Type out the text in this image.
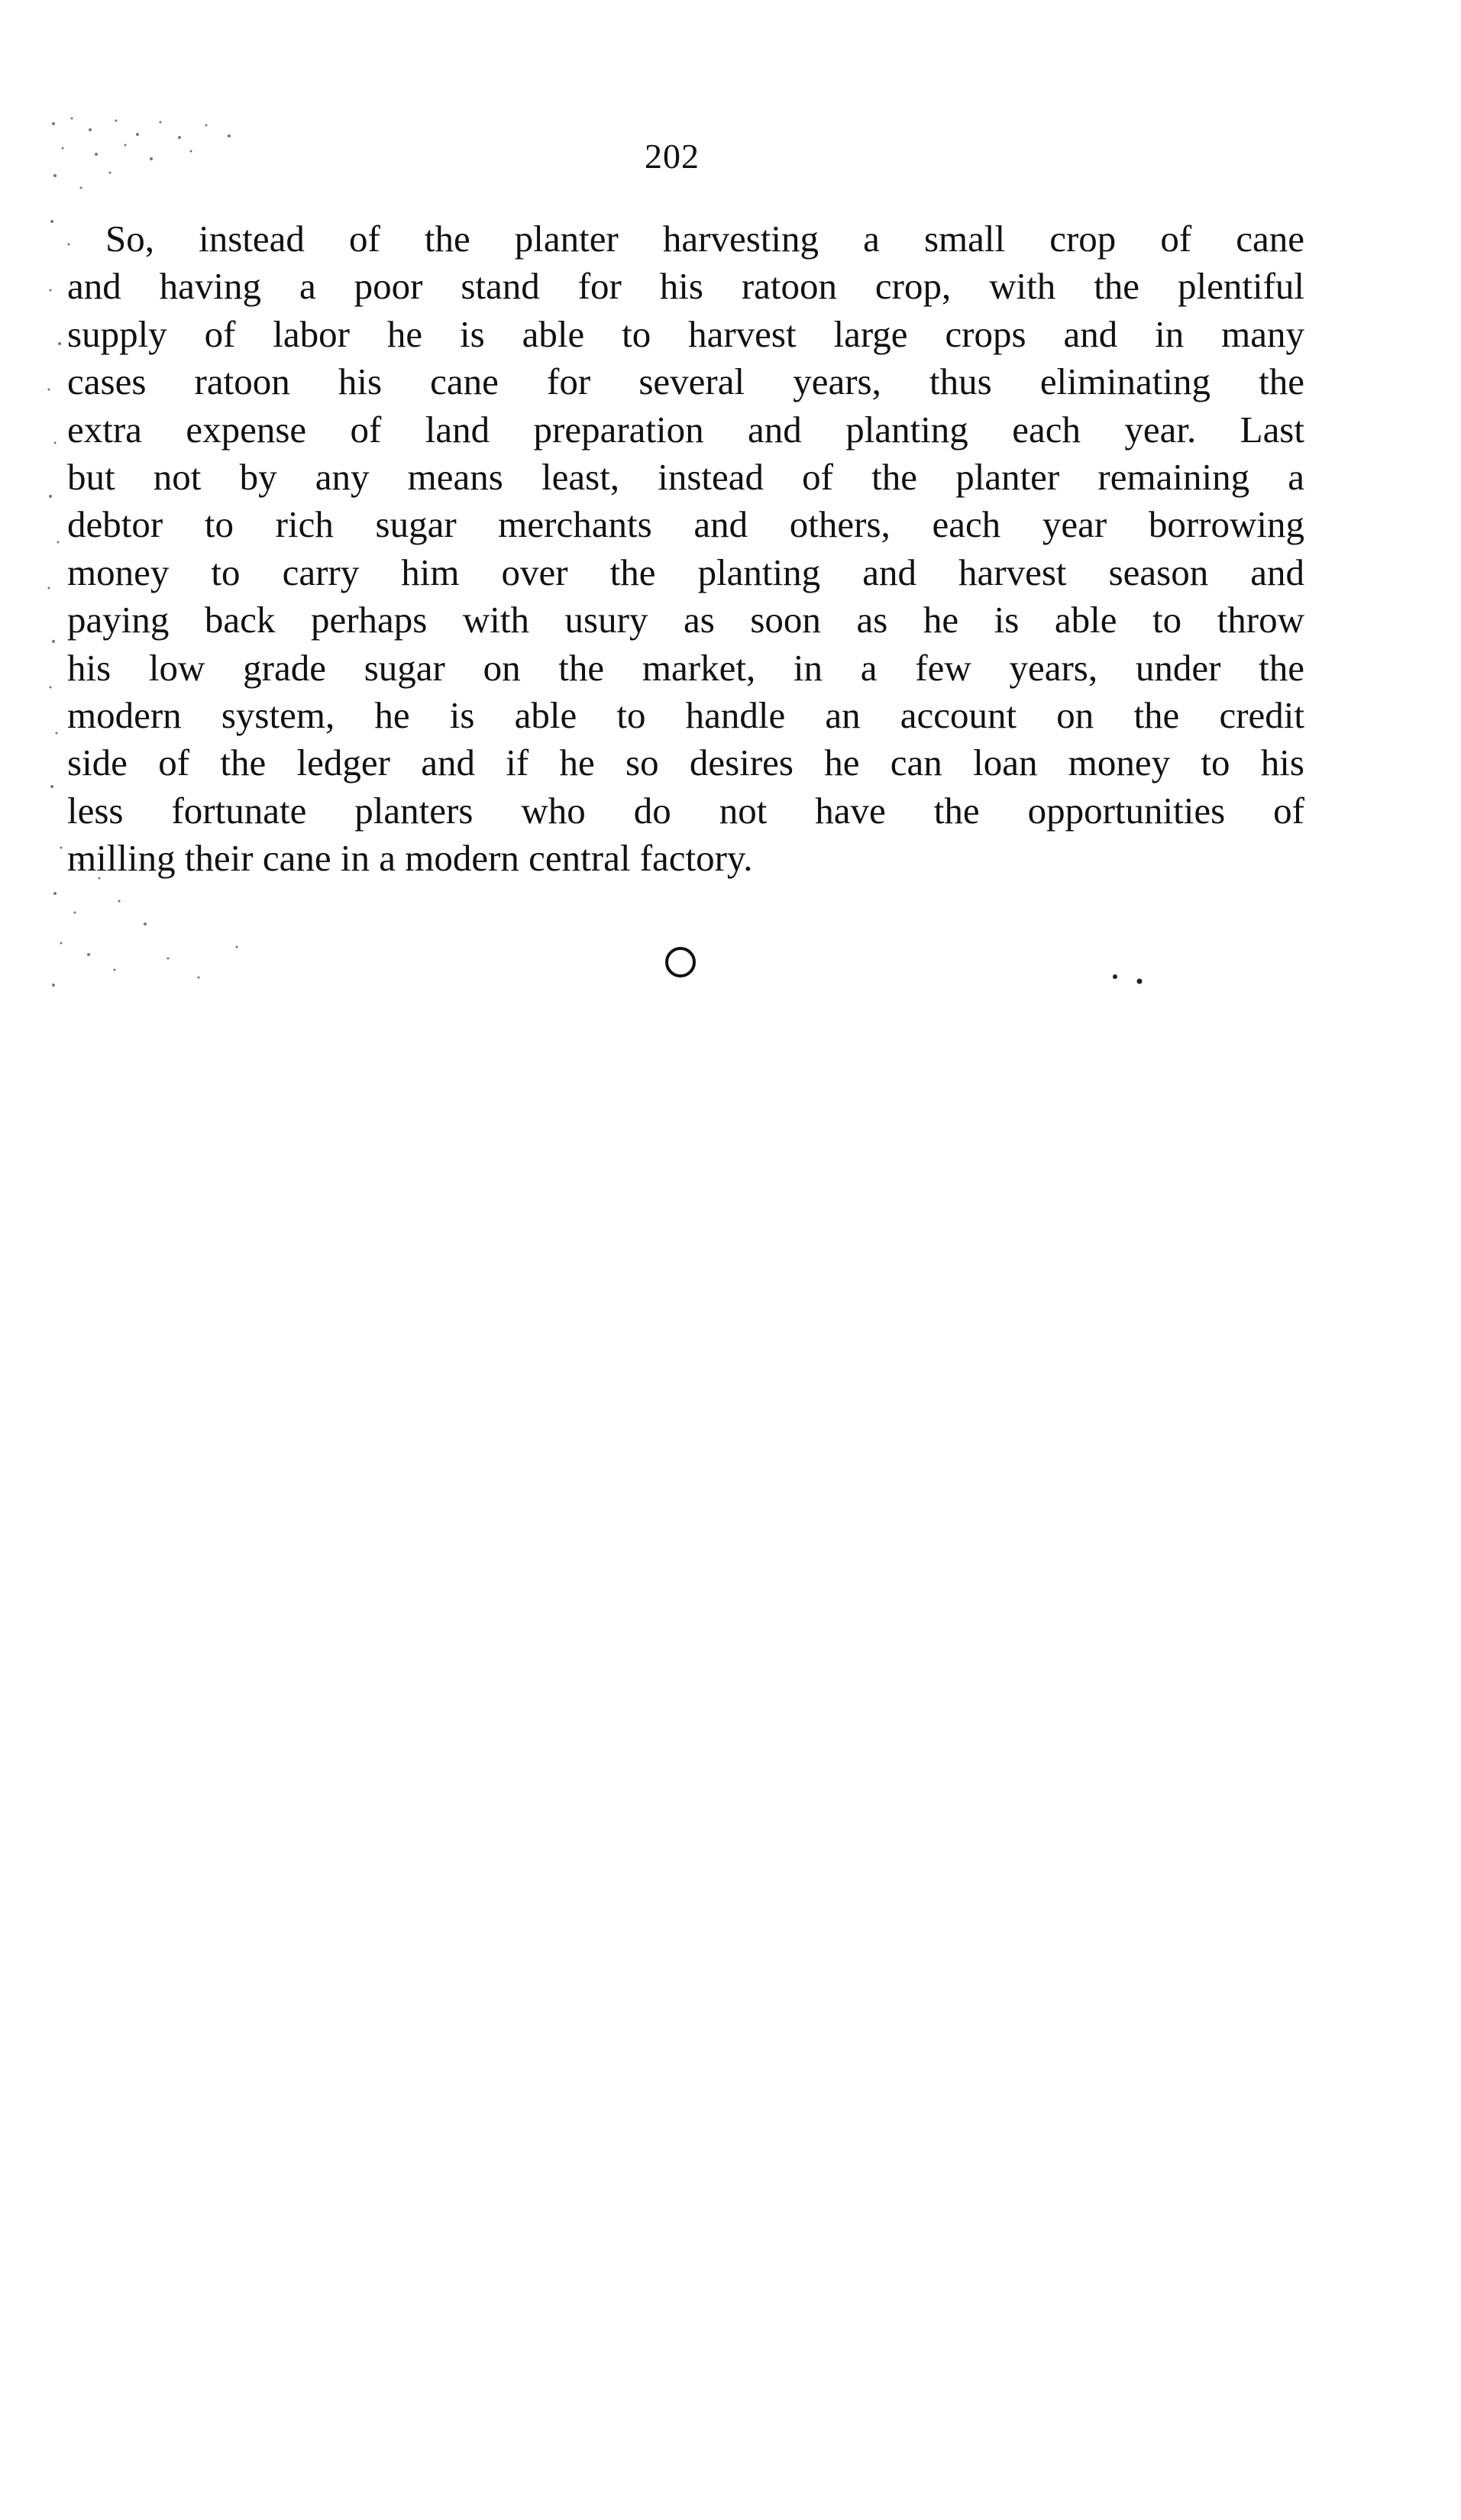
202

So, instead of the planter harvesting a small crop of cane
and having a poor stand for his ratoon crop, with the plentiful
supply of labor he is able to harvest large crops and in many
cases ratoon his cane for several years, thus eliminating the
extra expense of land preparation and planting each year. Last
but not by any means least, instead of the planter remaining a
debtor to rich sugar merchants and others, each year borrowing
money to carry him over the planting and harvest season and
paying back perhaps with usury as soon as he is able to throw
his low grade sugar on the market, in a few years, under the
modern system, he is able to handle an account on the credit
side of the ledger and if he so desires he can loan money to his
less fortunate planters who do not have the opportunities of
milling their cane in a modern central factory.
